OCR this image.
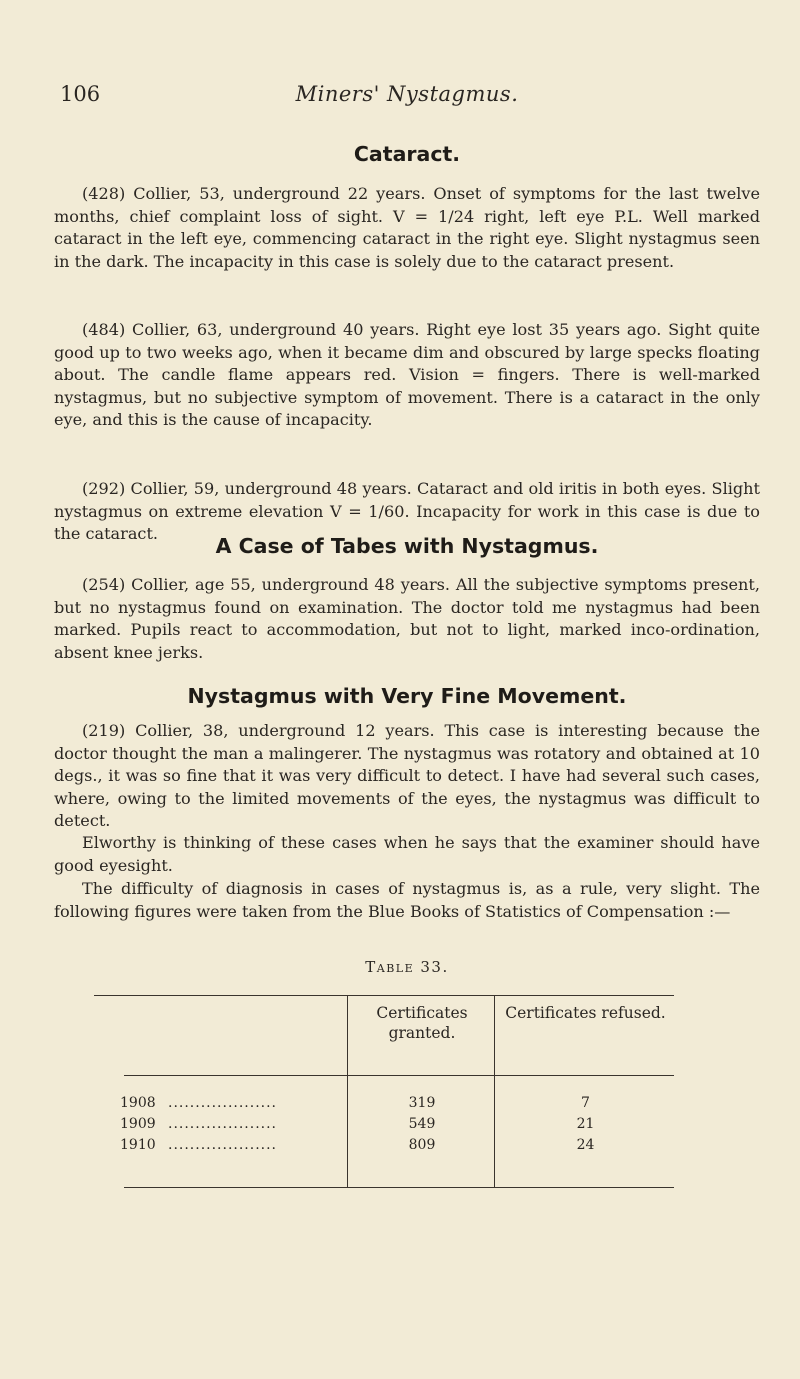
106	Miners' Nystagmus.
Cataract.

(428) Collier, 53, underground 22 years. Onset of symptoms for the last twelve months, chief complaint loss of sight. V = 1/24 right, left eye P.L. Well marked cataract in the left eye, commencing cataract in the right eye. Slight nystagmus seen in the dark. The incapacity in this case is solely due to the cataract present.

(484) Collier, 63, underground 40 years. Right eye lost 35 years ago. Sight quite good up to two weeks ago, when it became dim and obscured by large specks floating about. The candle flame appears red. Vision = fingers. There is well-marked nystagmus, but no subjective symptom of movement. There is a cataract in the only eye, and this is the cause of incapacity.

(292) Collier, 59, underground 48 years. Cataract and old iritis in both eyes. Slight nystagmus on extreme elevation V = 1/60. Incapacity for work in this case is due to the cataract.

A Case of Tabes with Nystagmus.

(254) Collier, age 55, underground 48 years. All the subjective symptoms present, but no nystagmus found on examination. The doctor told me nystagmus had been marked. Pupils react to accommodation, but not to light, marked inco-ordination, absent knee jerks.

Nystagmus with Very Fine Movement.

(219) Collier, 38, underground 12 years. This case is interesting because the doctor thought the man a malingerer. The nystagmus was rotatory and obtained at 10 degs., it was so fine that it was very difficult to detect. I have had several such cases, where, owing to the limited movements of the eyes, the nystagmus was difficult to detect.

Elworthy is thinking of these cases when he says that the examiner should have good eyesight.

The difficulty of diagnosis in cases of nystagmus is, as a rule, very slight. The following figures were taken from the Blue Books of Statistics of Compensation :—

Table 33.
Certificates granted.
Certificates refused.
1908 ....................	319	7
1909 ....................	549	21
1910 ....................	809	24
